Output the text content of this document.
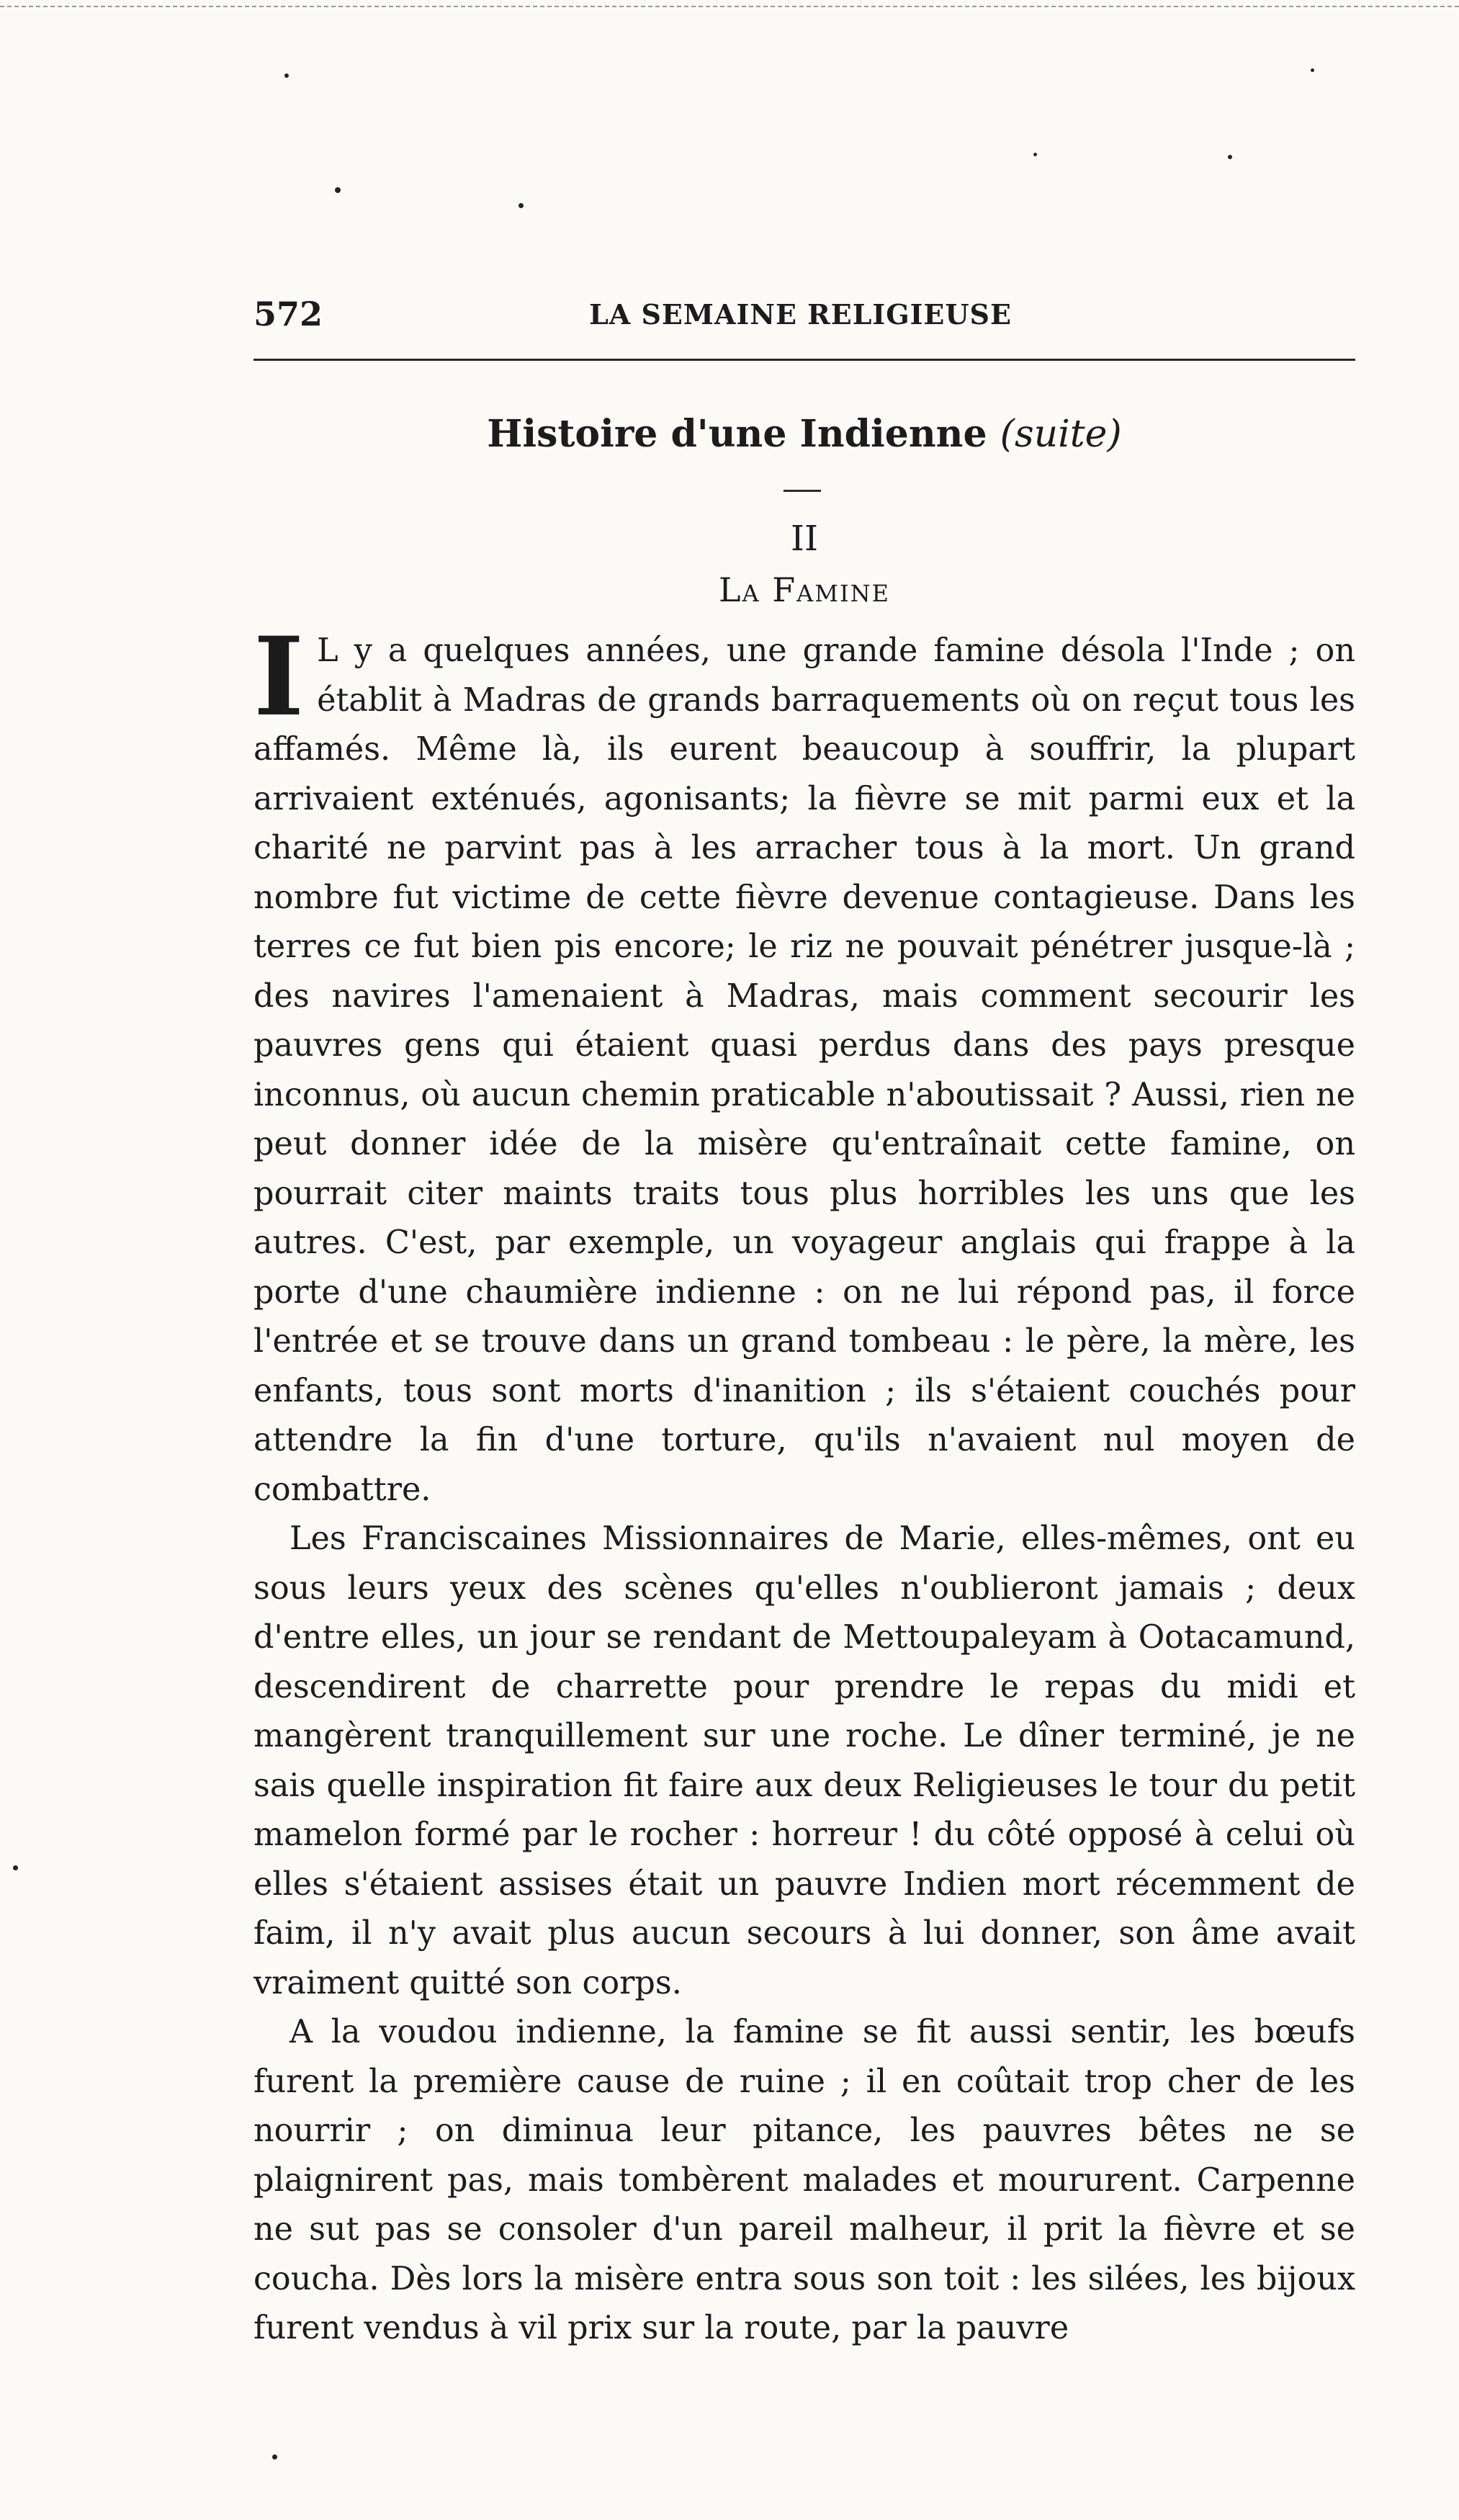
572	LA SEMAINE RELIGIEUSE
Histoire d'une Indienne (suite)
II
La Famine

I L y a quelques années, une grande famine désola l'Inde ; on établit à Madras de grands barraquements où on reçut tous les affamés. Même là, ils eurent beaucoup à souffrir, la plupart arrivaient exténués, agonisants; la fièvre se mit parmi eux et la charité ne parvint pas à les arracher tous à la mort. Un grand nombre fut victime de cette fièvre devenue contagieuse. Dans les terres ce fut bien pis encore; le riz ne pouvait pénétrer jusque-là ; des navires l'amenaient à Madras, mais comment secourir les pauvres gens qui étaient quasi perdus dans des pays presque inconnus, où aucun chemin praticable n'aboutissait ? Aussi, rien ne peut donner idée de la misère qu'entraînait cette famine, on pourrait citer maints traits tous plus horribles les uns que les autres. C'est, par exemple, un voyageur anglais qui frappe à la porte d'une chaumière indienne : on ne lui répond pas, il force l'entrée et se trouve dans un grand tombeau : le père, la mère, les enfants, tous sont morts d'inanition ; ils s'étaient couchés pour attendre la fin d'une torture, qu'ils n'avaient nul moyen de combattre.

Les Franciscaines Missionnaires de Marie, elles-mêmes, ont eu sous leurs yeux des scènes qu'elles n'oublieront jamais ; deux d'entre elles, un jour se rendant de Mettoupaleyam à Ootacamund, descendirent de charrette pour prendre le repas du midi et mangèrent tranquillement sur une roche. Le dîner terminé, je ne sais quelle inspiration fit faire aux deux Religieuses le tour du petit mamelon formé par le rocher : horreur ! du côté opposé à celui où elles s'étaient assises était un pauvre Indien mort récemment de faim, il n'y avait plus aucun secours à lui donner, son âme avait vraiment quitté son corps.

A la voudou indienne, la famine se fit aussi sentir, les bœufs furent la première cause de ruine ; il en coûtait trop cher de les nourrir ; on diminua leur pitance, les pauvres bêtes ne se plaignirent pas, mais tombèrent malades et moururent. Carpenne ne sut pas se consoler d'un pareil malheur, il prit la fièvre et se coucha. Dès lors la misère entra sous son toit : les silées, les bijoux furent vendus à vil prix sur la route, par la pauvre
